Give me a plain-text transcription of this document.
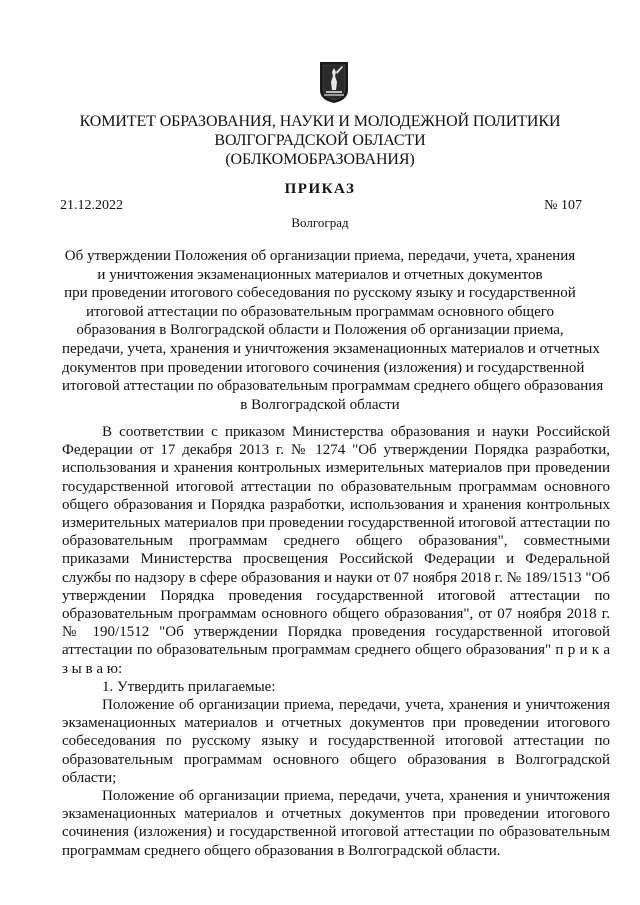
КОМИТЕТ ОБРАЗОВАНИЯ, НАУКИ И МОЛОДЕЖНОЙ ПОЛИТИКИ
ВОЛГОГРАДСКОЙ ОБЛАСТИ
(ОБЛКОМОБРАЗОВАНИЯ)
ПРИКАЗ
21.12.2022	№ 107
Волгоград
Об утверждении Положения об организации приема, передачи, учета, хранения
и уничтожения экзаменационных материалов и отчетных документов
при проведении итогового собеседования по русскому языку и государственной
итоговой аттестации по образовательным программам основного общего
образования в Волгоградской области и Положения об организации приема,
передачи, учета, хранения и уничтожения экзаменационных материалов и отчетных
документов при проведении итогового сочинения (изложения) и государственной
итоговой аттестации по образовательным программам среднего общего образования
в Волгоградской области

В соответствии с приказом Министерства образования и науки Российской Федерации от 17 декабря 2013 г. № 1274 "Об утверждении Порядка разработки, использования и хранения контрольных измерительных материалов при проведении государственной итоговой аттестации по образовательным программам основного общего образования и Порядка разработки, использования и хранения контрольных измерительных материалов при проведении государственной итоговой аттестации по образовательным программам среднего общего образования", совместными приказами Министерства просвещения Российской Федерации и Федеральной службы по надзору в сфере образования и науки от 07 ноября 2018 г. № 189/1513 "Об утверждении Порядка проведения государственной итоговой аттестации по образовательным программам основного общего образования", от 07 ноября 2018 г. № 190/1512 "Об утверждении Порядка проведения государственной итоговой аттестации по образовательным программам среднего общего образования" п р и к а з ы в а ю:

1. Утвердить прилагаемые:

Положение об организации приема, передачи, учета, хранения и уничтожения экзаменационных материалов и отчетных документов при проведении итогового собеседования по русскому языку и государственной итоговой аттестации по образовательным программам основного общего образования в Волгоградской области;

Положение об организации приема, передачи, учета, хранения и уничтожения экзаменационных материалов и отчетных документов при проведении итогового сочинения (изложения) и государственной итоговой аттестации по образовательным программам среднего общего образования в Волгоградской области.
